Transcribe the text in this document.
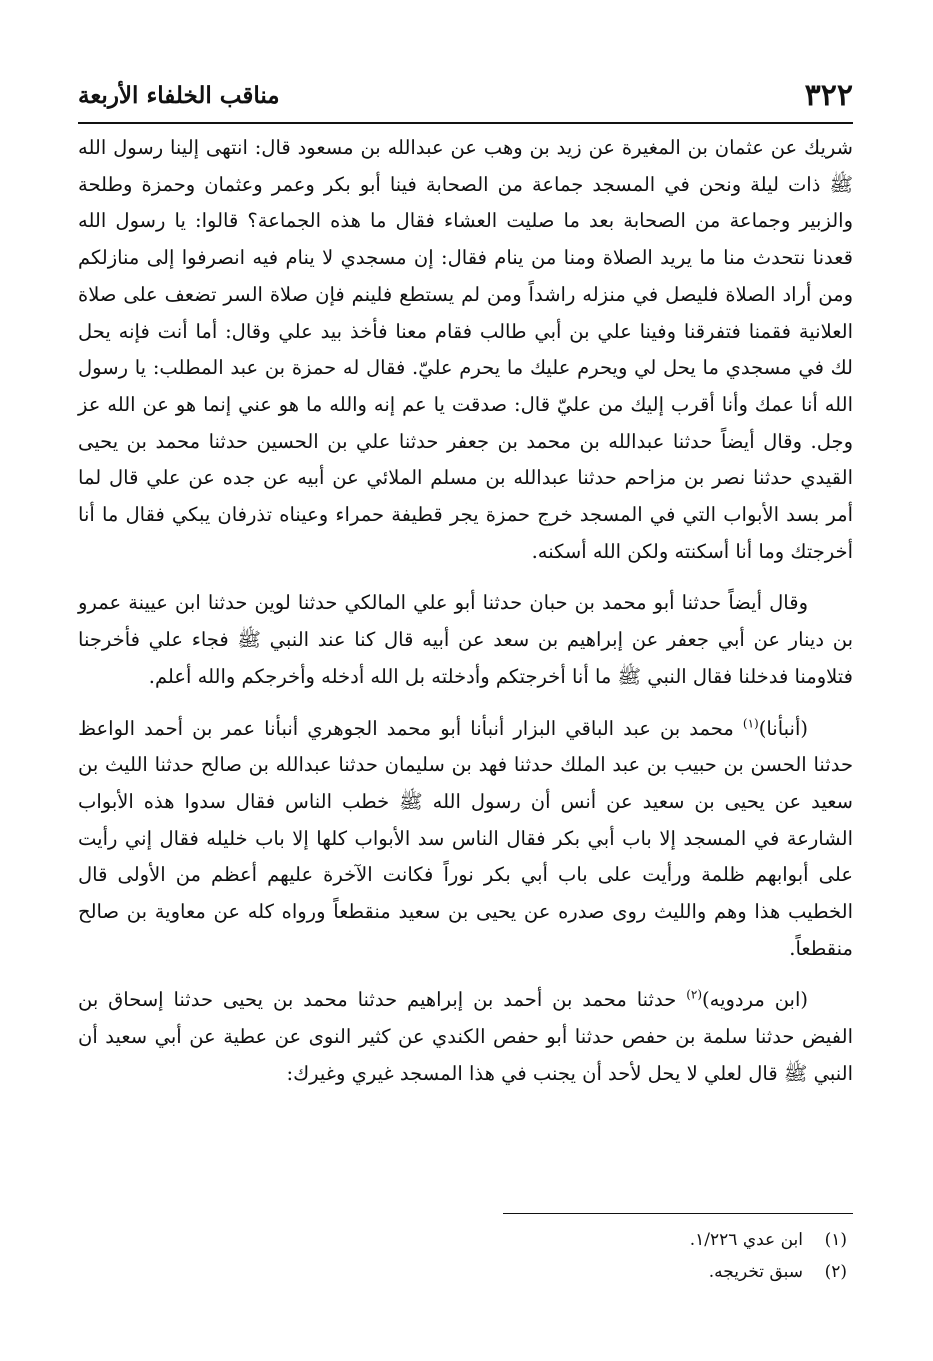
٣٢٢
مناقب الخلفاء الأربعة

شريك عن عثمان بن المغيرة عن زيد بن وهب عن عبدالله بن مسعود قال: انتهى إلينا رسول الله ﷺ ذات ليلة ونحن في المسجد جماعة من الصحابة فينا أبو بكر وعمر وعثمان وحمزة وطلحة والزبير وجماعة من الصحابة بعد ما صليت العشاء فقال ما هذه الجماعة؟ قالوا: يا رسول الله قعدنا نتحدث منا ما يريد الصلاة ومنا من ينام فقال: إن مسجدي لا ينام فيه انصرفوا إلى منازلكم ومن أراد الصلاة فليصل في منزله راشداً ومن لم يستطع فلينم فإن صلاة السر تضعف على صلاة العلانية فقمنا فتفرقنا وفينا علي بن أبي طالب فقام معنا فأخذ بيد علي وقال: أما أنت فإنه يحل لك في مسجدي ما يحل لي ويحرم عليك ما يحرم عليّ. فقال له حمزة بن عبد المطلب: يا رسول الله أنا عمك وأنا أقرب إليك من عليّ قال: صدقت يا عم إنه والله ما هو عني إنما هو عن الله عز وجل. وقال أيضاً حدثنا عبدالله بن محمد بن جعفر حدثنا علي بن الحسين حدثنا محمد بن يحيى القيدي حدثنا نصر بن مزاحم حدثنا عبدالله بن مسلم الملائي عن أبيه عن جده عن علي قال لما أمر بسد الأبواب التي في المسجد خرج حمزة يجر قطيفة حمراء وعيناه تذرفان يبكي فقال ما أنا أخرجتك وما أنا أسكنته ولكن الله أسكنه.

وقال أيضاً حدثنا أبو محمد بن حبان حدثنا أبو علي المالكي حدثنا لوين حدثنا ابن عيينة عمرو بن دينار عن أبي جعفر عن إبراهيم بن سعد عن أبيه قال كنا عند النبي ﷺ فجاء علي فأخرجنا فتلاومنا فدخلنا فقال النبي ﷺ ما أنا أخرجتكم وأدخلته بل الله أدخله وأخرجكم والله أعلم.

(أنبأنا)$^{(١)}$ محمد بن عبد الباقي البزار أنبأنا أبو محمد الجوهري أنبأنا عمر بن أحمد الواعظ حدثنا الحسن بن حبيب بن عبد الملك حدثنا فهد بن سليمان حدثنا عبدالله بن صالح حدثنا الليث بن سعيد عن يحيى بن سعيد عن أنس أن رسول الله ﷺ خطب الناس فقال سدوا هذه الأبواب الشارعة في المسجد إلا باب أبي بكر فقال الناس سد الأبواب كلها إلا باب خليله فقال إني رأيت على أبوابهم ظلمة ورأيت على باب أبي بكر نوراً فكانت الآخرة عليهم أعظم من الأولى قال الخطيب هذا وهم والليث روى صدره عن يحيى بن سعيد منقطعاً ورواه كله عن معاوية بن صالح منقطعاً.

(ابن مردويه)$^{(٢)}$ حدثنا محمد بن أحمد بن إبراهيم حدثنا محمد بن يحيى حدثنا إسحاق بن الفيض حدثنا سلمة بن حفص حدثنا أبو حفص الكندي عن كثير النوى عن عطية عن أبي سعيد أن النبي ﷺ قال لعلي لا يحل لأحد أن يجنب في هذا المسجد غيري وغيرك:

(١)
ابن عدي ١/٢٢٦.
(٢)
سبق تخريجه.
